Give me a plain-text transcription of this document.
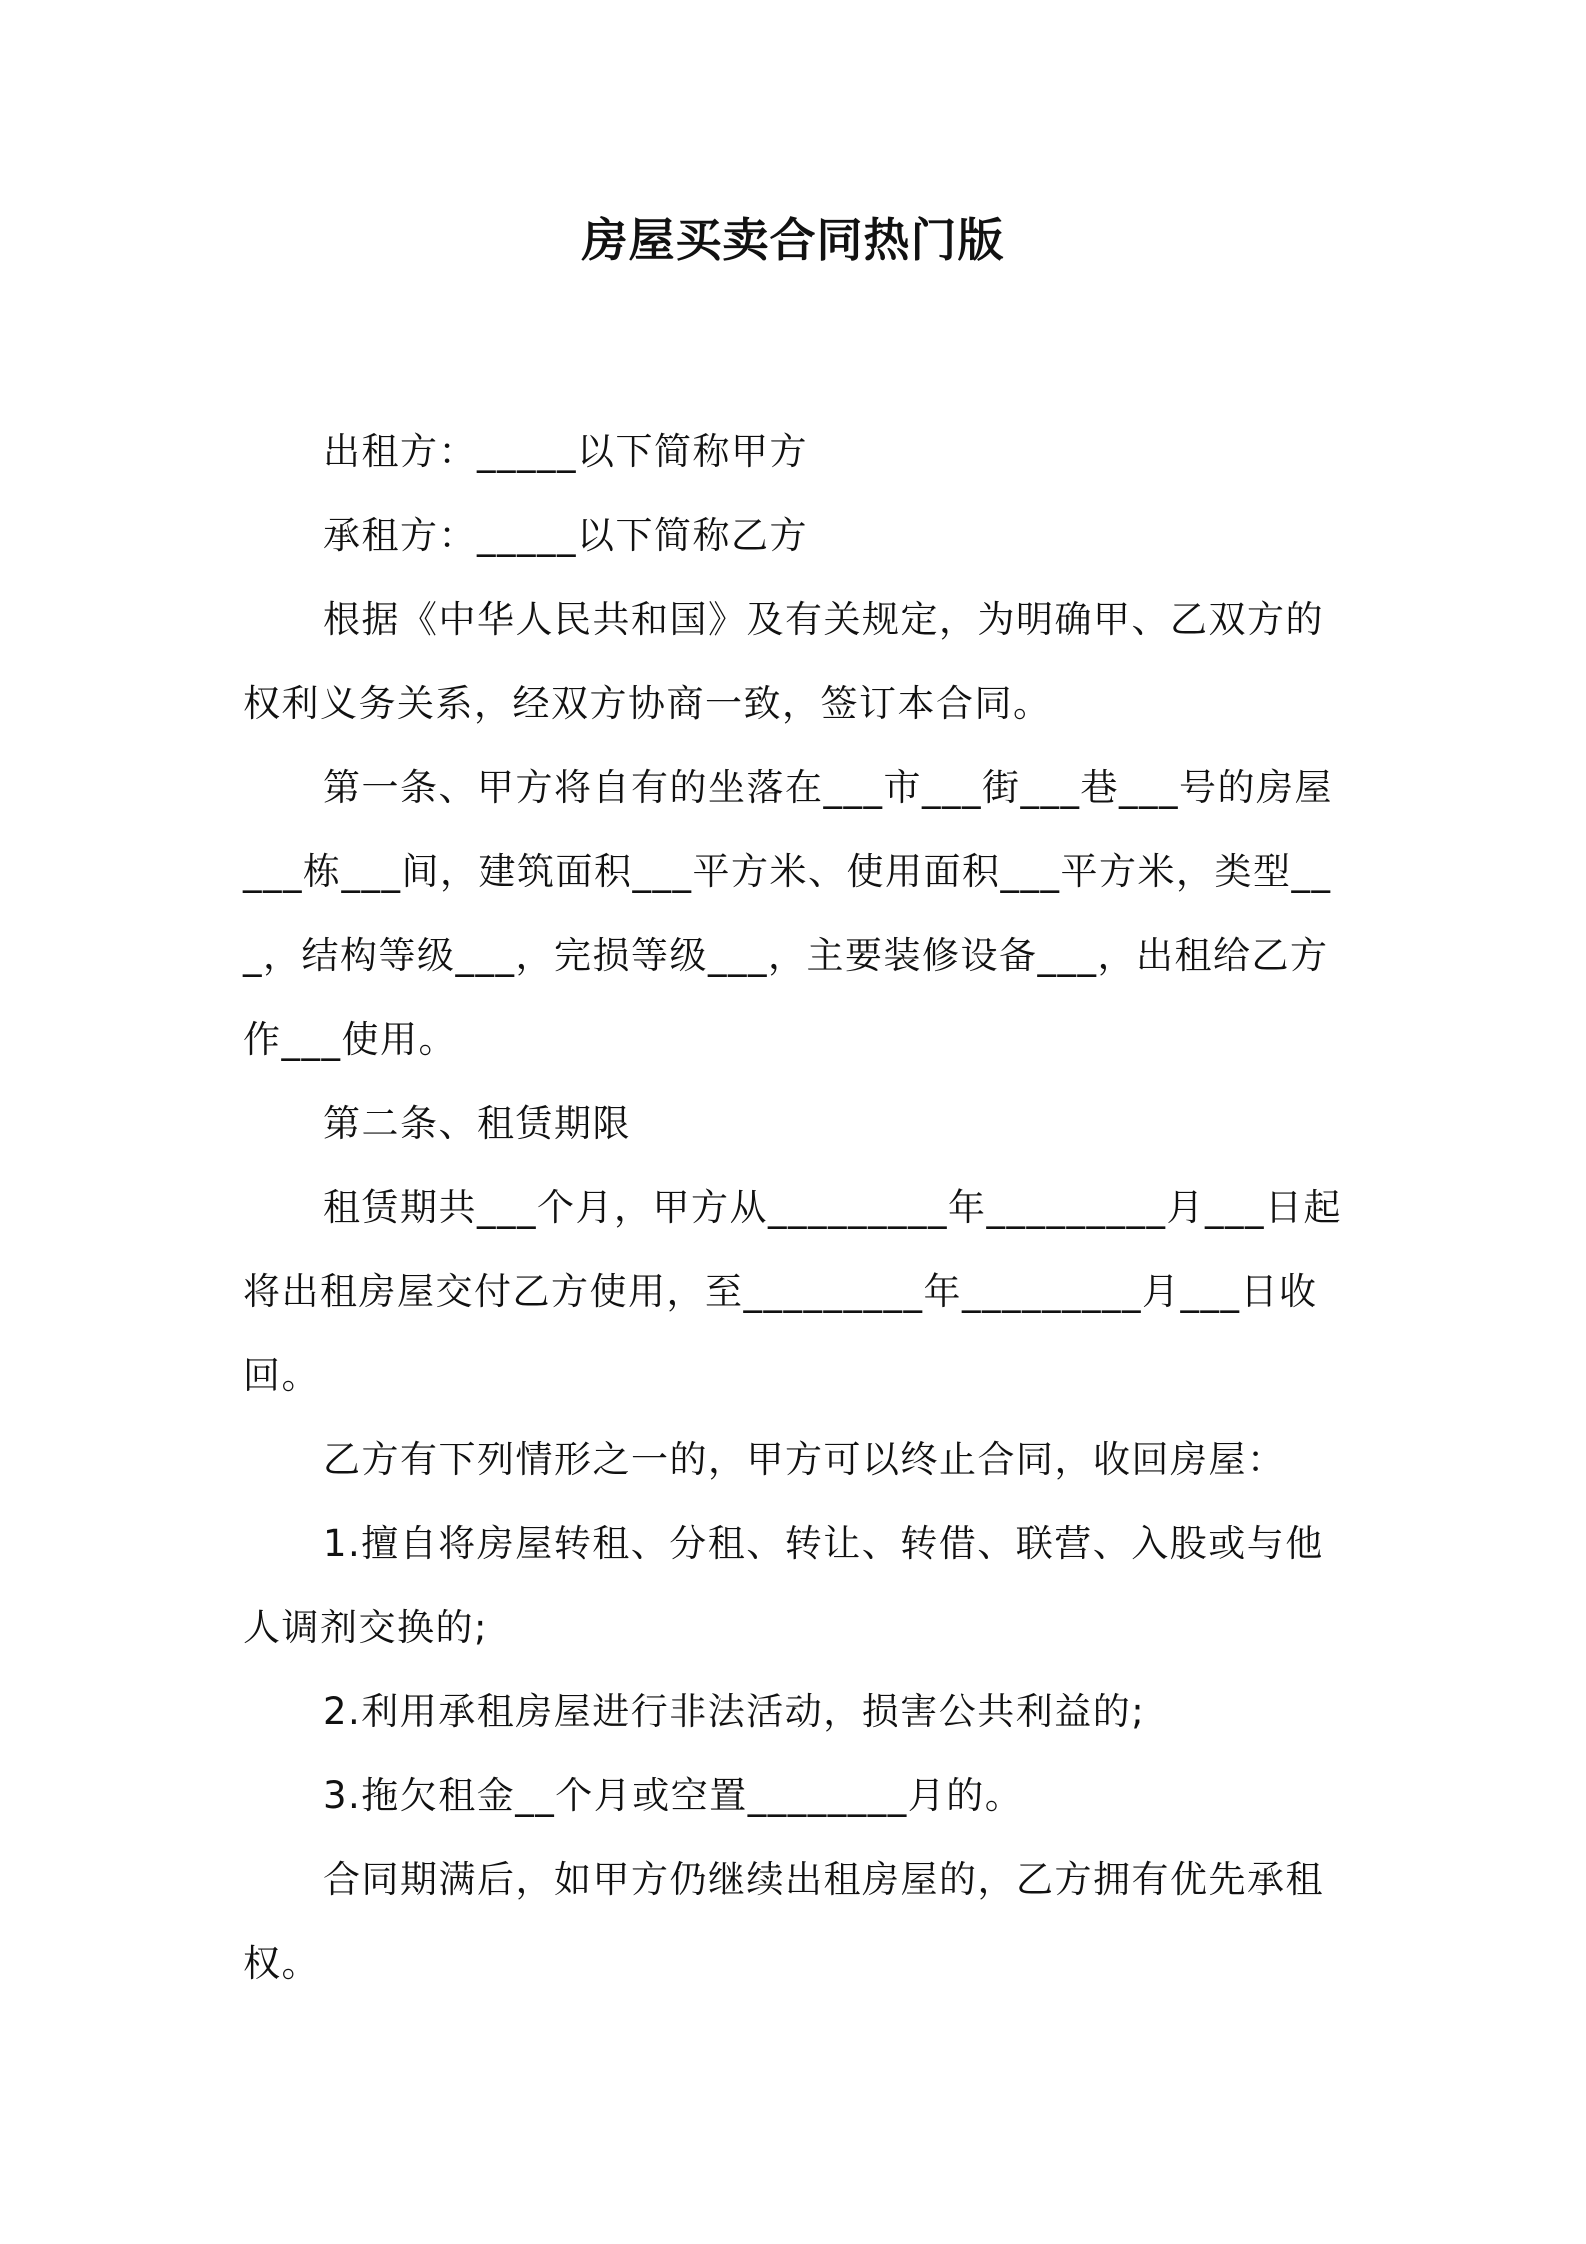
房屋买卖合同热门版

出租方：_____以下简称甲方

承租方：_____以下简称乙方

根据《中华人民共和国》及有关规定，为明确甲、乙双方的权利义务关系，经双方协商一致，签订本合同。

第一条、甲方将自有的坐落在___市___街___巷___号的房屋___栋___间，建筑面积___平方米、使用面积___平方米，类型___，结构等级___，完损等级___，主要装修设备___，出租给乙方作___使用。

第二条、租赁期限

租赁期共___个月，甲方从_________年_________月___日起将出租房屋交付乙方使用，至_________年_________月___日收回。

乙方有下列情形之一的，甲方可以终止合同，收回房屋：

1.擅自将房屋转租、分租、转让、转借、联营、入股或与他人调剂交换的;

2.利用承租房屋进行非法活动，损害公共利益的;

3.拖欠租金__个月或空置________月的。

合同期满后，如甲方仍继续出租房屋的，乙方拥有优先承租权。
